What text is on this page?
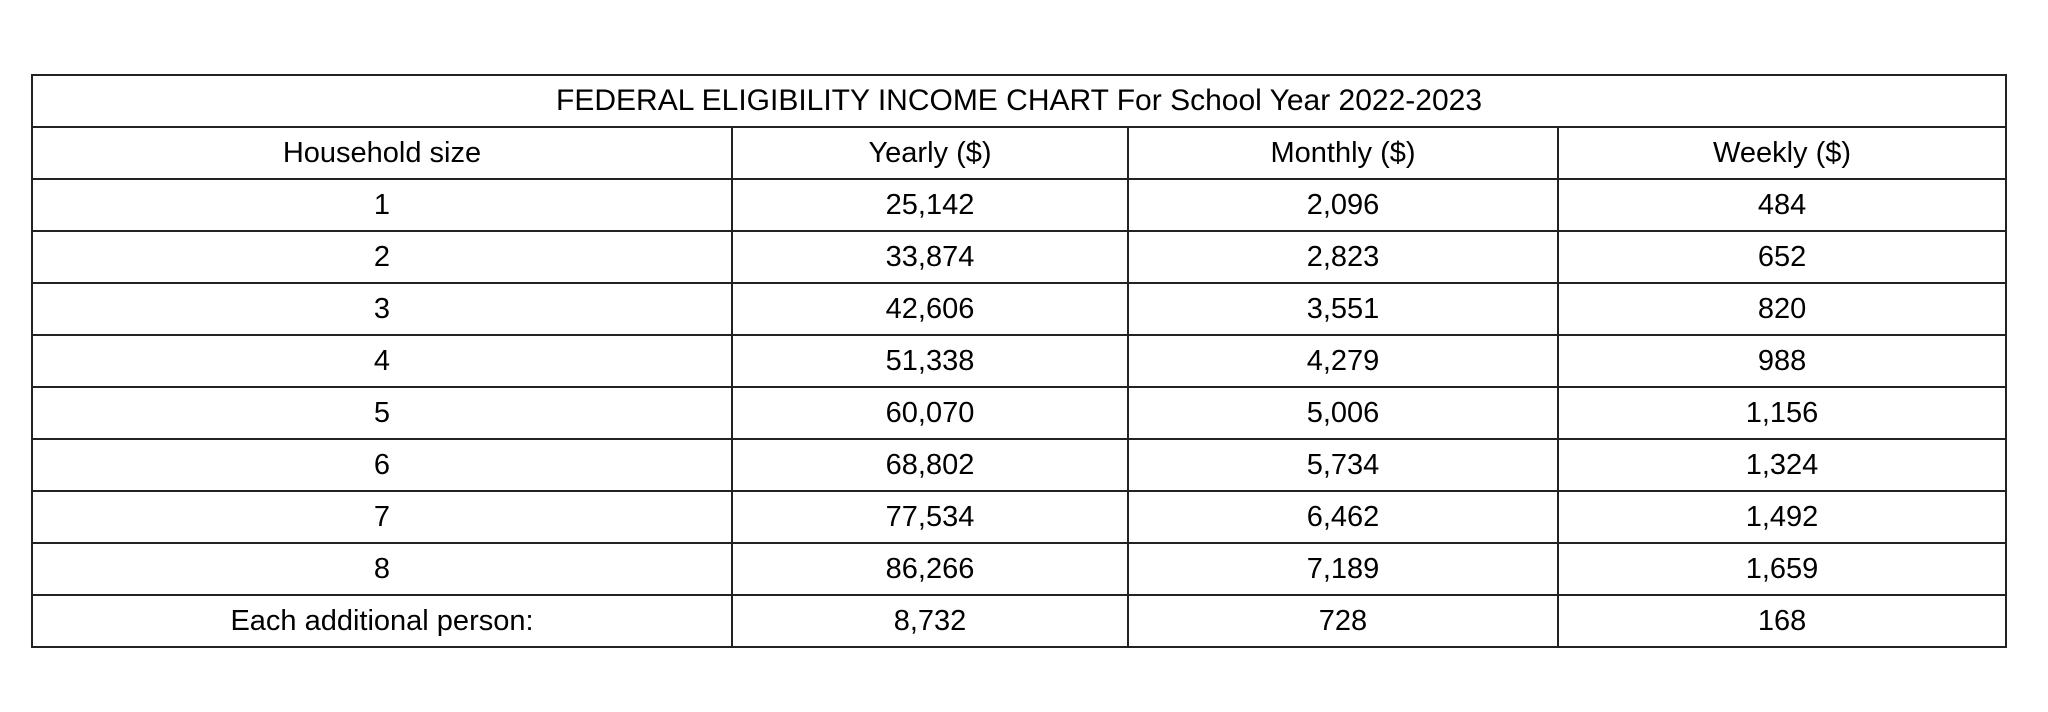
FEDERAL ELIGIBILITY INCOME CHART For School Year 2022-2023			
Household size	Yearly ($)	Monthly ($)	Weekly ($)
1	25,142	2,096	484
2	33,874	2,823	652
3	42,606	3,551	820
4	51,338	4,279	988
5	60,070	5,006	1,156
6	68,802	5,734	1,324
7	77,534	6,462	1,492
8	86,266	7,189	1,659
Each additional person:	8,732	728	168
